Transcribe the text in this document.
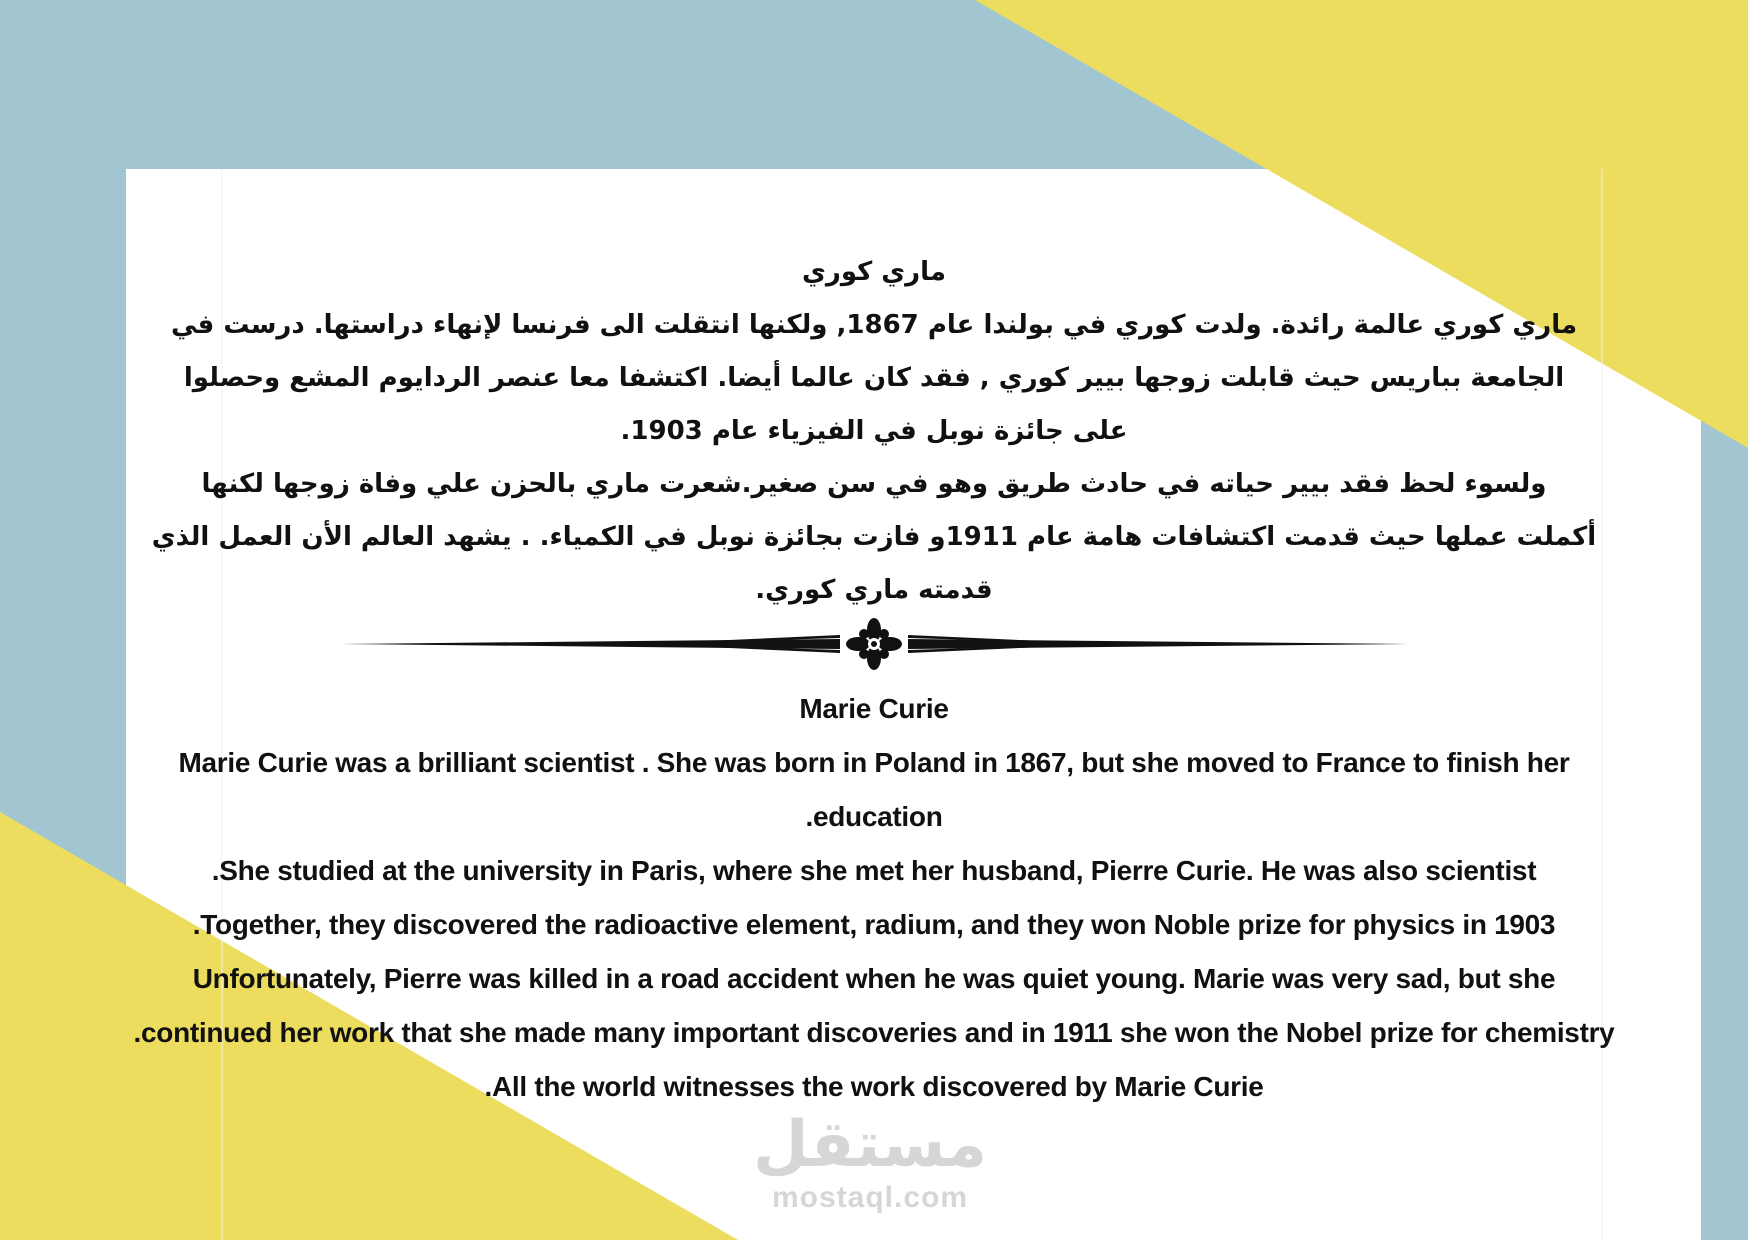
ماري كوري
ماري كوري عالمة رائدة. ولدت كوري في بولندا عام 1867, ولكنها انتقلت الى فرنسا لإنهاء دراستها. درست في
الجامعة بباريس حيث قابلت زوجها بيير كوري , فقد كان عالما أيضا. اكتشفا معا عنصر الردايوم المشع وحصلوا
على جائزة نوبل في الفيزياء عام 1903.
ولسوء لحظ فقد بيير حياته في حادث طريق وهو في سن صغير.شعرت ماري بالحزن علي وفاة زوجها لكنها
أكملت عملها حيث قدمت اكتشافات هامة عام 1911و فازت بجائزة نوبل في الكمياء. . يشهد العالم الأن العمل الذي
قدمته ماري كوري.
Marie Curie
Marie Curie was a brilliant scientist . She was born in Poland in 1867, but she moved to France to finish her
.education
.She studied at the university in Paris, where she met her husband, Pierre Curie. He was also scientist
.Together, they discovered the radioactive element, radium, and they won Noble prize for physics in 1903
Unfortunately, Pierre was killed in a road accident when he was quiet young. Marie was very sad, but she
.continued her work that she made many important discoveries and in 1911 she won the Nobel prize for chemistry
.All the world witnesses the work discovered by Marie Curie
مستقل
mostaql.com
